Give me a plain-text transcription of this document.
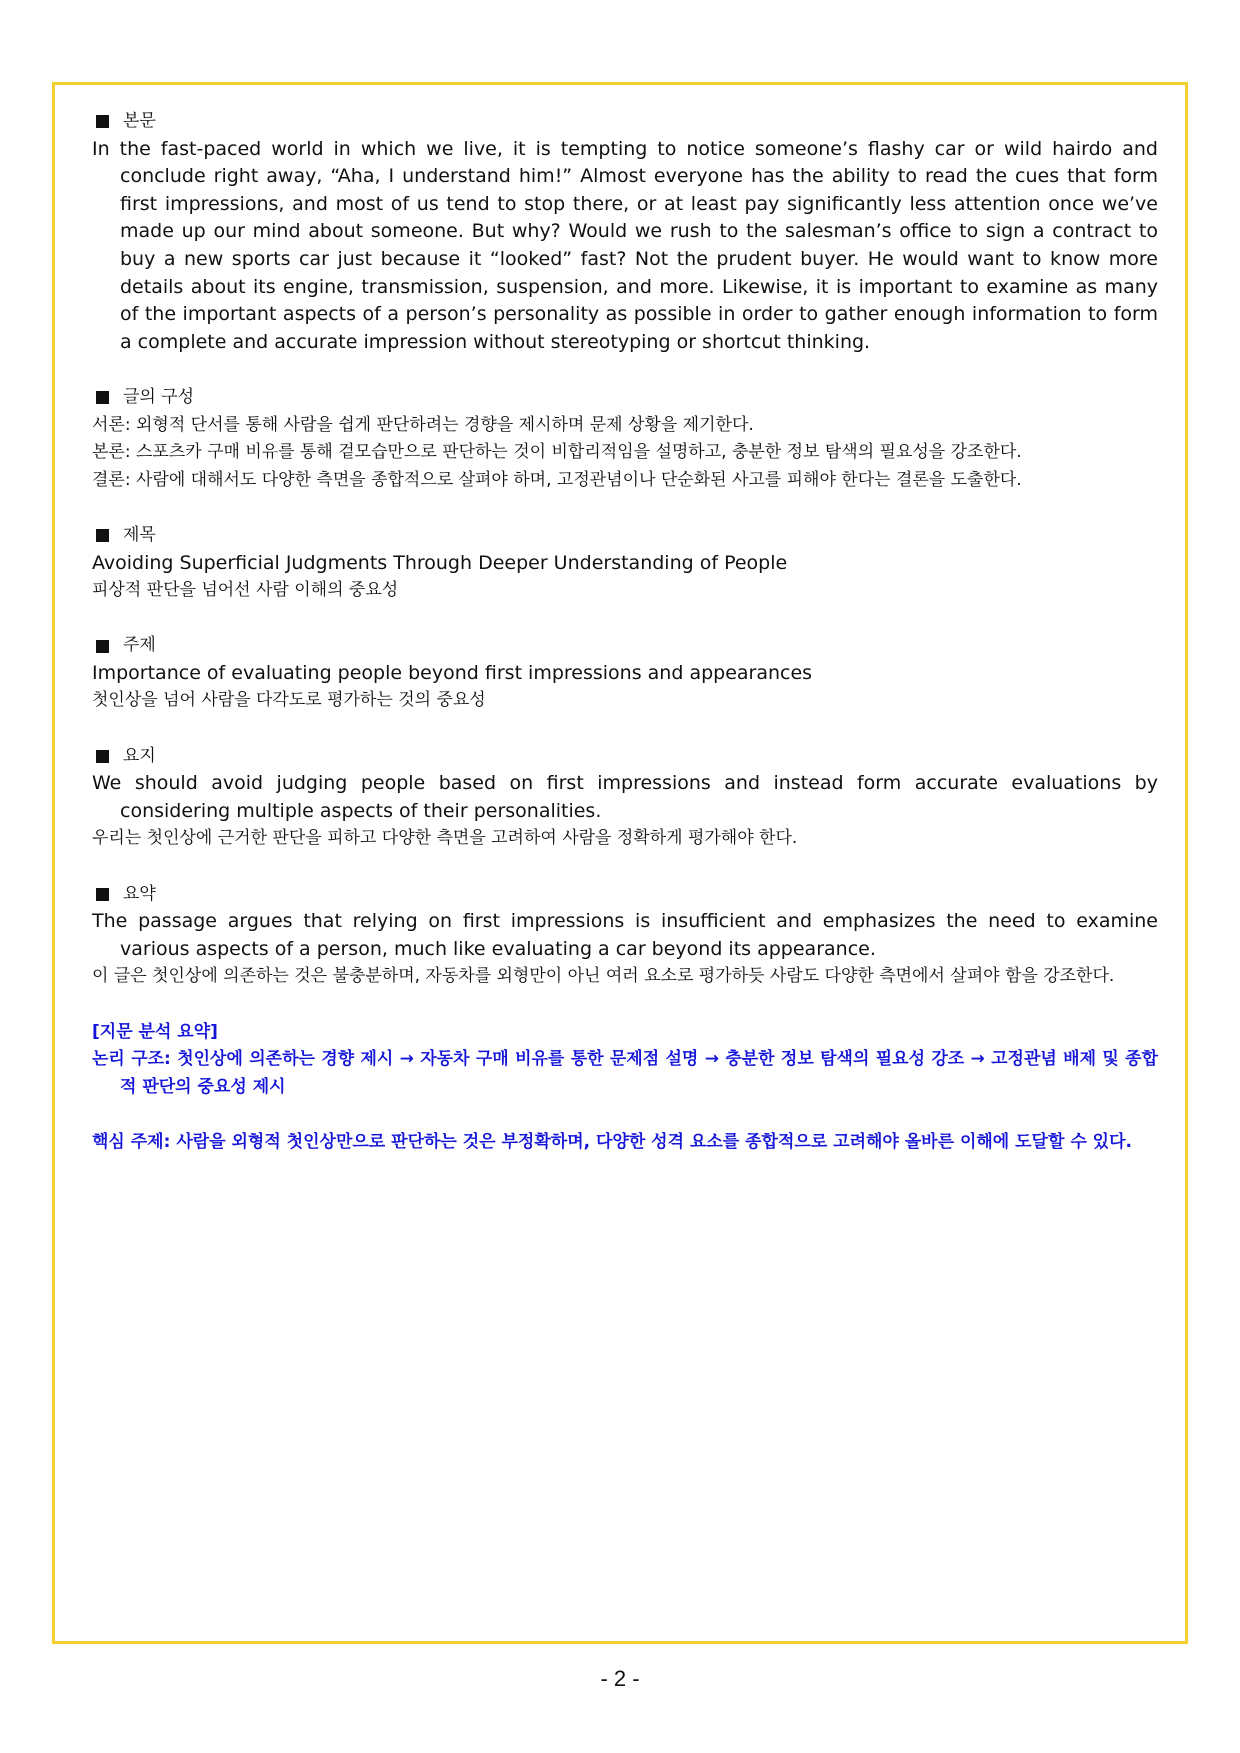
본문

In the fast-paced world in which we live, it is tempting to notice someone’s flashy car or wild hairdo and conclude right away, “Aha, I understand him!” Almost everyone has the ability to read the cues that form first impressions, and most of us tend to stop there, or at least pay significantly less attention once we’ve made up our mind about someone. But why? Would we rush to the salesman’s office to sign a contract to buy a new sports car just because it “looked” fast? Not the prudent buyer. He would want to know more details about its engine, transmission, suspension, and more. Likewise, it is important to examine as many of the important aspects of a person’s personality as possible in order to gather enough information to form a complete and accurate impression without stereotyping or shortcut thinking.

글의 구성

서론: 외형적 단서를 통해 사람을 쉽게 판단하려는 경향을 제시하며 문제 상황을 제기한다.

본론: 스포츠카 구매 비유를 통해 겉모습만으로 판단하는 것이 비합리적임을 설명하고, 충분한 정보 탐색의 필요성을 강조한다.

결론: 사람에 대해서도 다양한 측면을 종합적으로 살펴야 하며, 고정관념이나 단순화된 사고를 피해야 한다는 결론을 도출한다.

제목

Avoiding Superficial Judgments Through Deeper Understanding of People

피상적 판단을 넘어선 사람 이해의 중요성

주제

Importance of evaluating people beyond first impressions and appearances

첫인상을 넘어 사람을 다각도로 평가하는 것의 중요성

요지

We should avoid judging people based on first impressions and instead form accurate evaluations by considering multiple aspects of their personalities.

우리는 첫인상에 근거한 판단을 피하고 다양한 측면을 고려하여 사람을 정확하게 평가해야 한다.

요약

The passage argues that relying on first impressions is insufficient and emphasizes the need to examine various aspects of a person, much like evaluating a car beyond its appearance.

이 글은 첫인상에 의존하는 것은 불충분하며, 자동차를 외형만이 아닌 여러 요소로 평가하듯 사람도 다양한 측면에서 살펴야 함을 강조한다.

[지문 분석 요약]

논리 구조: 첫인상에 의존하는 경향 제시 → 자동차 구매 비유를 통한 문제점 설명 → 충분한 정보 탐색의 필요성 강조 → 고정관념 배제 및 종합적 판단의 중요성 제시

핵심 주제: 사람을 외형적 첫인상만으로 판단하는 것은 부정확하며, 다양한 성격 요소를 종합적으로 고려해야 올바른 이해에 도달할 수 있다.

- 2 -
